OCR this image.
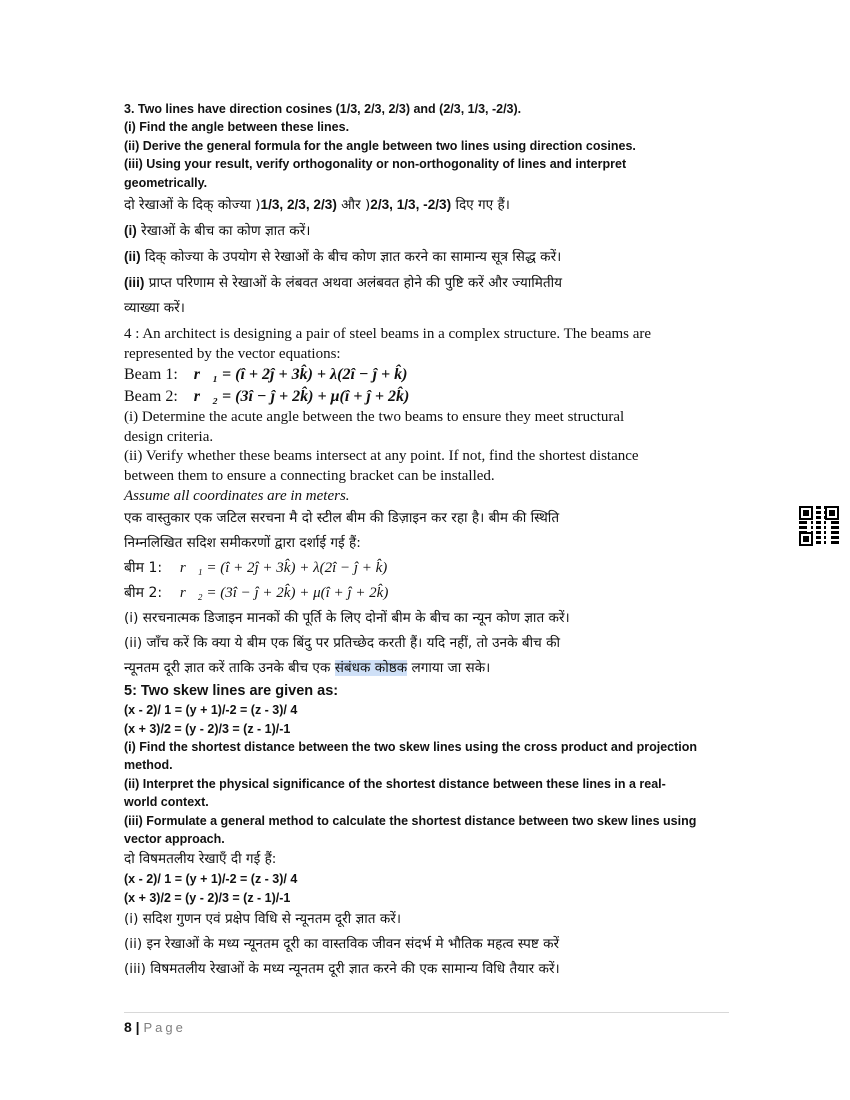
3. Two lines have direction cosines (1/3, 2/3, 2/3) and (2/3, 1/3, -2/3).
(i) Find the angle between these lines.
(ii) Derive the general formula for the angle between two lines using direction cosines.
(iii) Using your result, verify orthogonality or non-orthogonality of lines and interpret
geometrically.
दो रेखाओं के दिक् कोज्या )1/3, 2/3, 2/3) और )2/3, 1/3, -2/3) दिए गए हैं।
(i) रेखाओं के बीच का कोण ज्ञात करें।
(ii) दिक् कोज्या के उपयोग से रेखाओं के बीच कोण ज्ञात करने का सामान्य सूत्र सिद्ध करें।
(iii) प्राप्त परिणाम से रेखाओं के लंबवत अथवा अलंबवत होने की पुष्टि करें और ज्यामितीय
व्याख्या करें।
4 : An architect is designing a pair of steel beams in a complex structure. The beams are
represented by the vector equations:
Beam 1: r⃗₁ = (î + 2ĵ + 3k̂) + λ(2î − ĵ + k̂)
Beam 2: r⃗₂ = (3î − ĵ + 2k̂) + μ(î + ĵ + 2k̂)
(i) Determine the acute angle between the two beams to ensure they meet structural
design criteria.
(ii) Verify whether these beams intersect at any point. If not, find the shortest distance
between them to ensure a connecting bracket can be installed.
Assume all coordinates are in meters.
एक वास्तुकार एक जटिल सरचना मै दो स्टील बीम की डिज़ाइन कर रहा है। बीम की स्थिति
निम्नलिखित सदिश समीकरणों द्वारा दर्शाई गई हैं:
बीम 1: r⃗₁ = (î + 2ĵ + 3k̂) + λ(2î − ĵ + k̂)
बीम 2: r⃗₂ = (3î − ĵ + 2k̂) + μ(î + ĵ + 2k̂)
(i) सरचनात्मक डिजाइन मानकों की पूर्ति के लिए दोनों बीम के बीच का न्यून कोण ज्ञात करें।
(ii) जाँच करें कि क्या ये बीम एक बिंदु पर प्रतिच्छेद करती हैं। यदि नहीं, तो उनके बीच की
न्यूनतम दूरी ज्ञात करें ताकि उनके बीच एक संबंधक कोष्ठक लगाया जा सके।
5: Two skew lines are given as:
(x - 2)/ 1 = (y + 1)/-2 = (z - 3)/ 4
(x + 3)/2 = (y - 2)/3 = (z - 1)/-1
(i) Find the shortest distance between the two skew lines using the cross product and projection
method.
(ii) Interpret the physical significance of the shortest distance between these lines in a real-
world context.
(iii) Formulate a general method to calculate the shortest distance between two skew lines using
vector approach.
दो विषमतलीय रेखाएँ दी गई हैं:
(x - 2)/ 1 = (y + 1)/-2 = (z - 3)/ 4
(x + 3)/2 = (y - 2)/3 = (z - 1)/-1
(i) सदिश गुणन एवं प्रक्षेप विधि से न्यूनतम दूरी ज्ञात करें।
(ii) इन रेखाओं के मध्य न्यूनतम दूरी का वास्तविक जीवन संदर्भ मे भौतिक महत्व स्पष्ट करें
(iii) विषमतलीय रेखाओं के मध्य न्यूनतम दूरी ज्ञात करने की एक सामान्य विधि तैयार करें।
8 | Page
